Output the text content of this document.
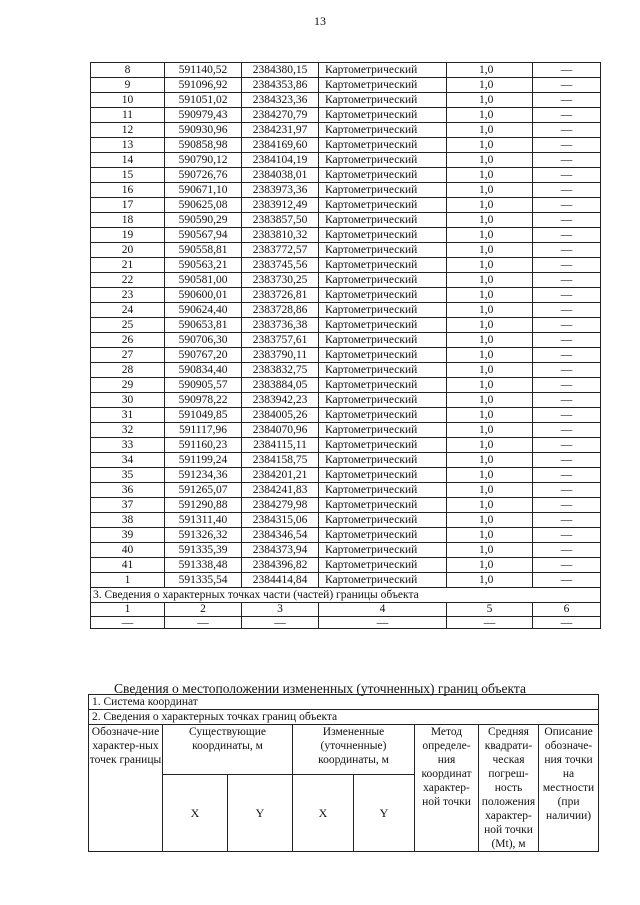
13
8	591140,52	2384380,15	Картометрический	1,0	—
9	591096,92	2384353,86	Картометрический	1,0	—
10	591051,02	2384323,36	Картометрический	1,0	—
11	590979,43	2384270,79	Картометрический	1,0	—
12	590930,96	2384231,97	Картометрический	1,0	—
13	590858,98	2384169,60	Картометрический	1,0	—
14	590790,12	2384104,19	Картометрический	1,0	—
15	590726,76	2384038,01	Картометрический	1,0	—
16	590671,10	2383973,36	Картометрический	1,0	—
17	590625,08	2383912,49	Картометрический	1,0	—
18	590590,29	2383857,50	Картометрический	1,0	—
19	590567,94	2383810,32	Картометрический	1,0	—
20	590558,81	2383772,57	Картометрический	1,0	—
21	590563,21	2383745,56	Картометрический	1,0	—
22	590581,00	2383730,25	Картометрический	1,0	—
23	590600,01	2383726,81	Картометрический	1,0	—
24	590624,40	2383728,86	Картометрический	1,0	—
25	590653,81	2383736,38	Картометрический	1,0	—
26	590706,30	2383757,61	Картометрический	1,0	—
27	590767,20	2383790,11	Картометрический	1,0	—
28	590834,40	2383832,75	Картометрический	1,0	—
29	590905,57	2383884,05	Картометрический	1,0	—
30	590978,22	2383942,23	Картометрический	1,0	—
31	591049,85	2384005,26	Картометрический	1,0	—
32	591117,96	2384070,96	Картометрический	1,0	—
33	591160,23	2384115,11	Картометрический	1,0	—
34	591199,24	2384158,75	Картометрический	1,0	—
35	591234,36	2384201,21	Картометрический	1,0	—
36	591265,07	2384241,83	Картометрический	1,0	—
37	591290,88	2384279,98	Картометрический	1,0	—
38	591311,40	2384315,06	Картометрический	1,0	—
39	591326,32	2384346,54	Картометрический	1,0	—
40	591335,39	2384373,94	Картометрический	1,0	—
41	591338,48	2384396,82	Картометрический	1,0	—
1	591335,54	2384414,84	Картометрический	1,0	—
3. Сведения о характерных точках части (частей) границы объекта					
1	2	3	4	5	6
—	—	—	—	—	—
Сведения о местоположении измененных (уточненных) границ объекта
1. Система координат							
2. Сведения о характерных точках границ объекта							
Обозначе-ние характер-ных точек границы	Существующие координаты, м		Измененные (уточненные) координаты, м		Метод определе-ния координат характер-ной точки	Средняя квадрати-ческая погреш-ность положения характер-ной точки (Mt), м	Описание обозначе-ния точки на местности (при наличии)
	X	Y	X	Y			
